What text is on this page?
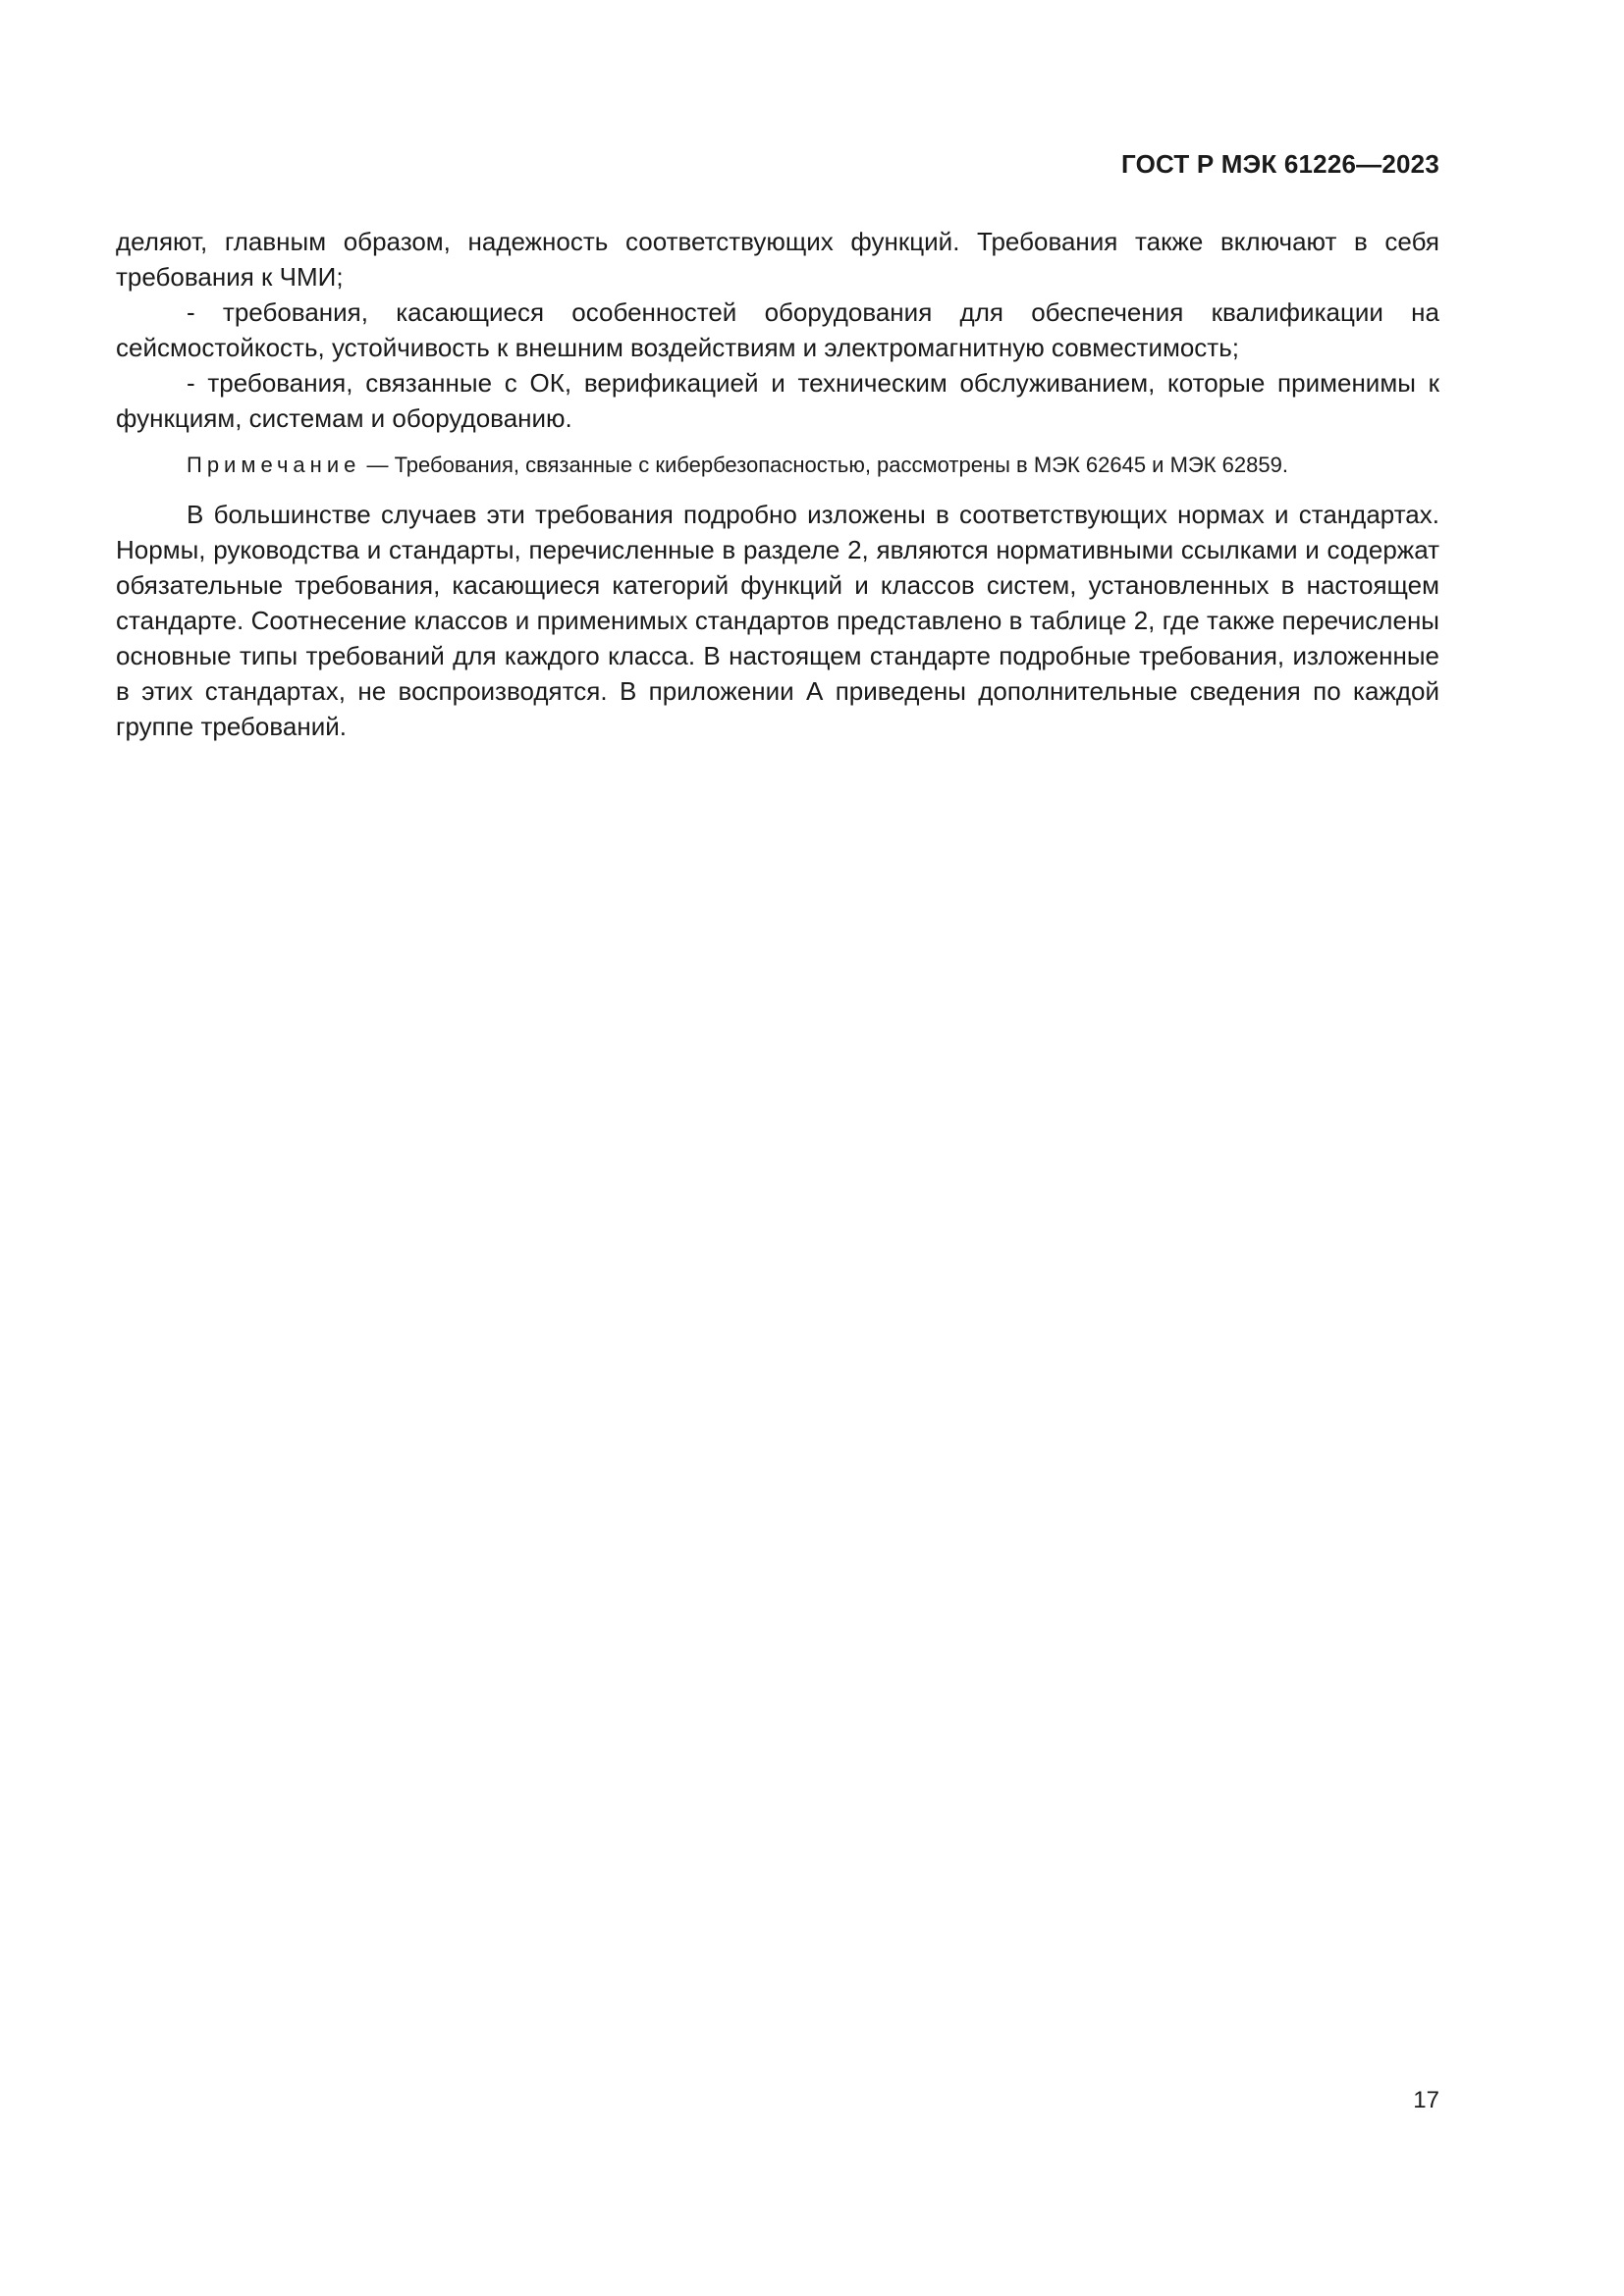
ГОСТ Р МЭК 61226—2023

деляют, главным образом, надежность соответствующих функций. Требования также включают в себя требования к ЧМИ;

- требования, касающиеся особенностей оборудования для обеспечения квалификации на сейсмостойкость, устойчивость к внешним воздействиям и электромагнитную совместимость;

- требования, связанные с ОК, верификацией и техническим обслуживанием, которые применимы к функциям, системам и оборудованию.

Примечание — Требования, связанные с кибербезопасностью, рассмотрены в МЭК 62645 и МЭК 62859.

В большинстве случаев эти требования подробно изложены в соответствующих нормах и стандартах. Нормы, руководства и стандарты, перечисленные в разделе 2, являются нормативными ссылками и содержат обязательные требования, касающиеся категорий функций и классов систем, установленных в настоящем стандарте. Соотнесение классов и применимых стандартов представлено в таблице 2, где также перечислены основные типы требований для каждого класса. В настоящем стандарте подробные требования, изложенные в этих стандартах, не воспроизводятся. В приложении А приведены дополнительные сведения по каждой группе требований.

17
